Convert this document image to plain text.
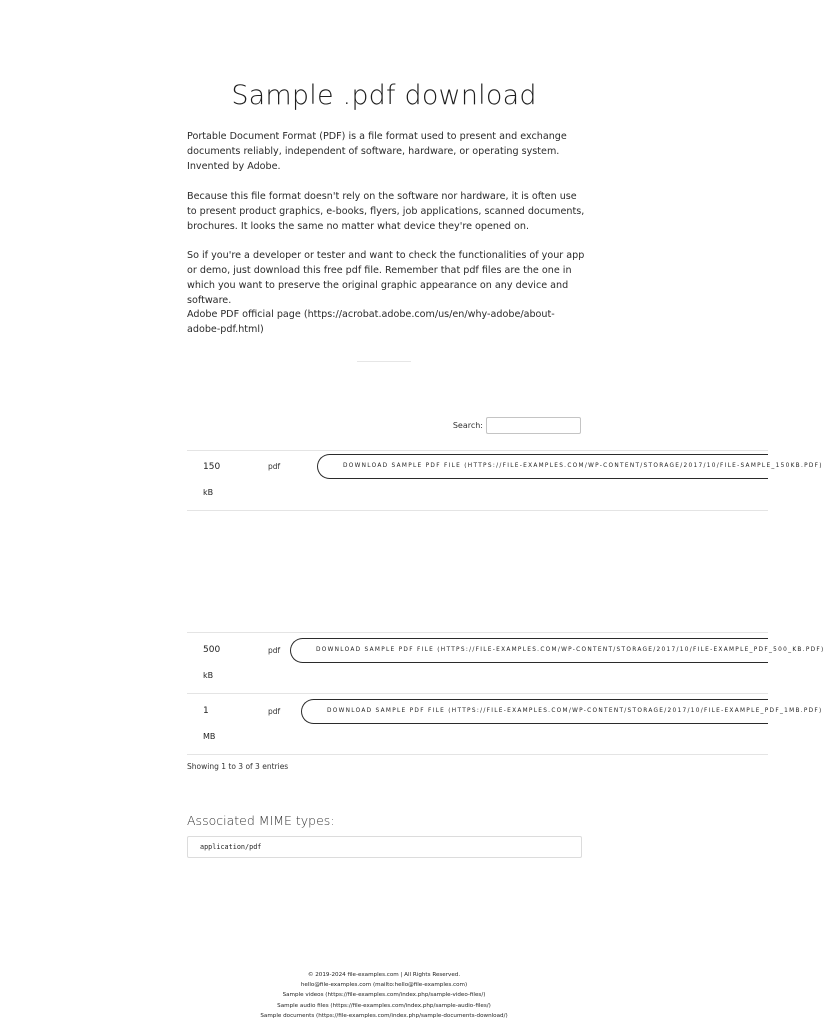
Sample .pdf download

Portable Document Format (PDF) is a file format used to present and exchange documents reliably, independent of software, hardware, or operating system. Invented by Adobe.

Because this file format doesn't rely on the software nor hardware, it is often use to present product graphics, e-books, flyers, job applications, scanned documents, brochures. It looks the same no matter what device they're opened on.

So if you're a developer or tester and want to check the functionalities of your app or demo, just download this free pdf file. Remember that pdf files are the one in which you want to preserve the original graphic appearance on any device and software.

Adobe PDF official page (https://acrobat.adobe.com/us/en/why-adobe/about-adobe-pdf.html)

Search:
150
kB
pdf	DOWNLOAD SAMPLE PDF FILE (HTTPS://FILE-EXAMPLES.COM/WP-CONTENT/STORAGE/2017/10/FILE-SAMPLE_150KB.PDF)
500
kB
pdf	DOWNLOAD SAMPLE PDF FILE (HTTPS://FILE-EXAMPLES.COM/WP-CONTENT/STORAGE/2017/10/FILE-EXAMPLE_PDF_500_KB.PDF)
1
MB
pdf	DOWNLOAD SAMPLE PDF FILE (HTTPS://FILE-EXAMPLES.COM/WP-CONTENT/STORAGE/2017/10/FILE-EXAMPLE_PDF_1MB.PDF)
Showing 1 to 3 of 3 entries
Associated MIME types:
application/pdf
© 2019-2024 file-examples.com | All Rights Reserved.
hello@file-examples.com (mailto:hello@file-examples.com)
Sample videos (https://file-examples.com/index.php/sample-video-files/)
Sample audio files (https://file-examples.com/index.php/sample-audio-files/)
Sample documents (https://file-examples.com/index.php/sample-documents-download/)
